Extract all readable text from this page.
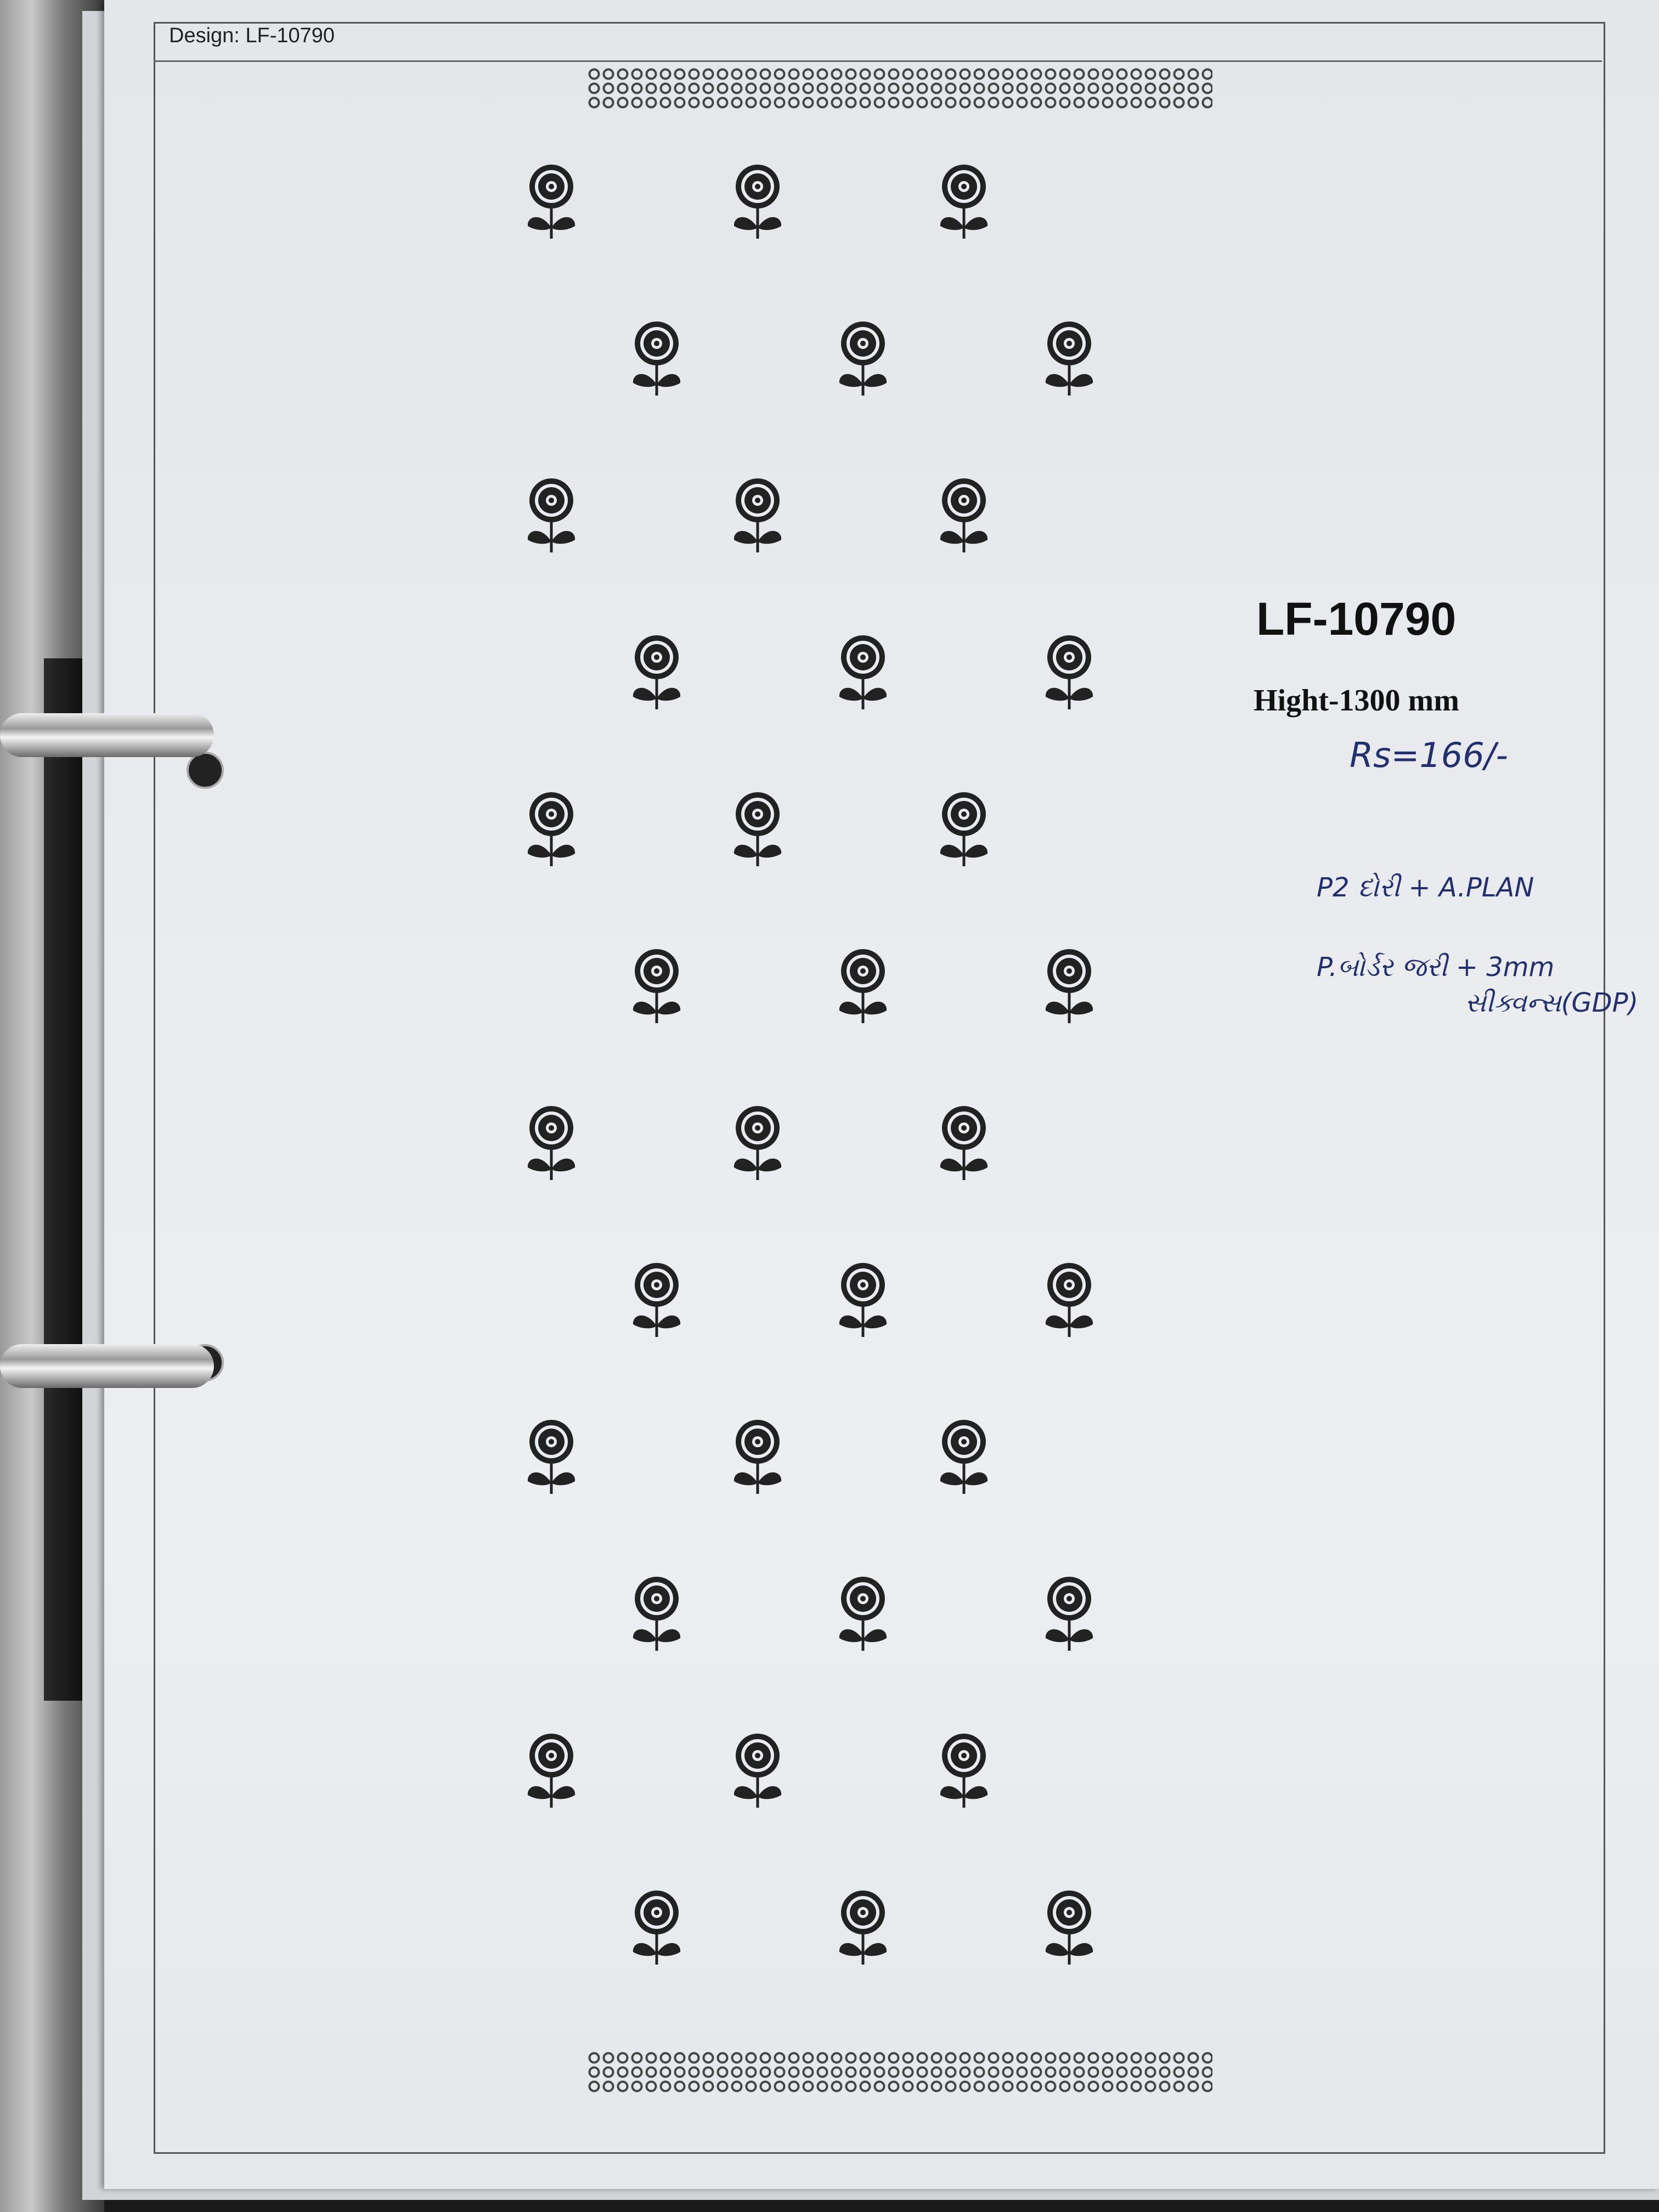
Design: LF-10790
LF-10790
Hight-1300 mm
Rs=166/-
P2 દોરી + A.PLAN
P.બોર્ડર જરી + 3mm
સીક્વન્સ(GDP)
